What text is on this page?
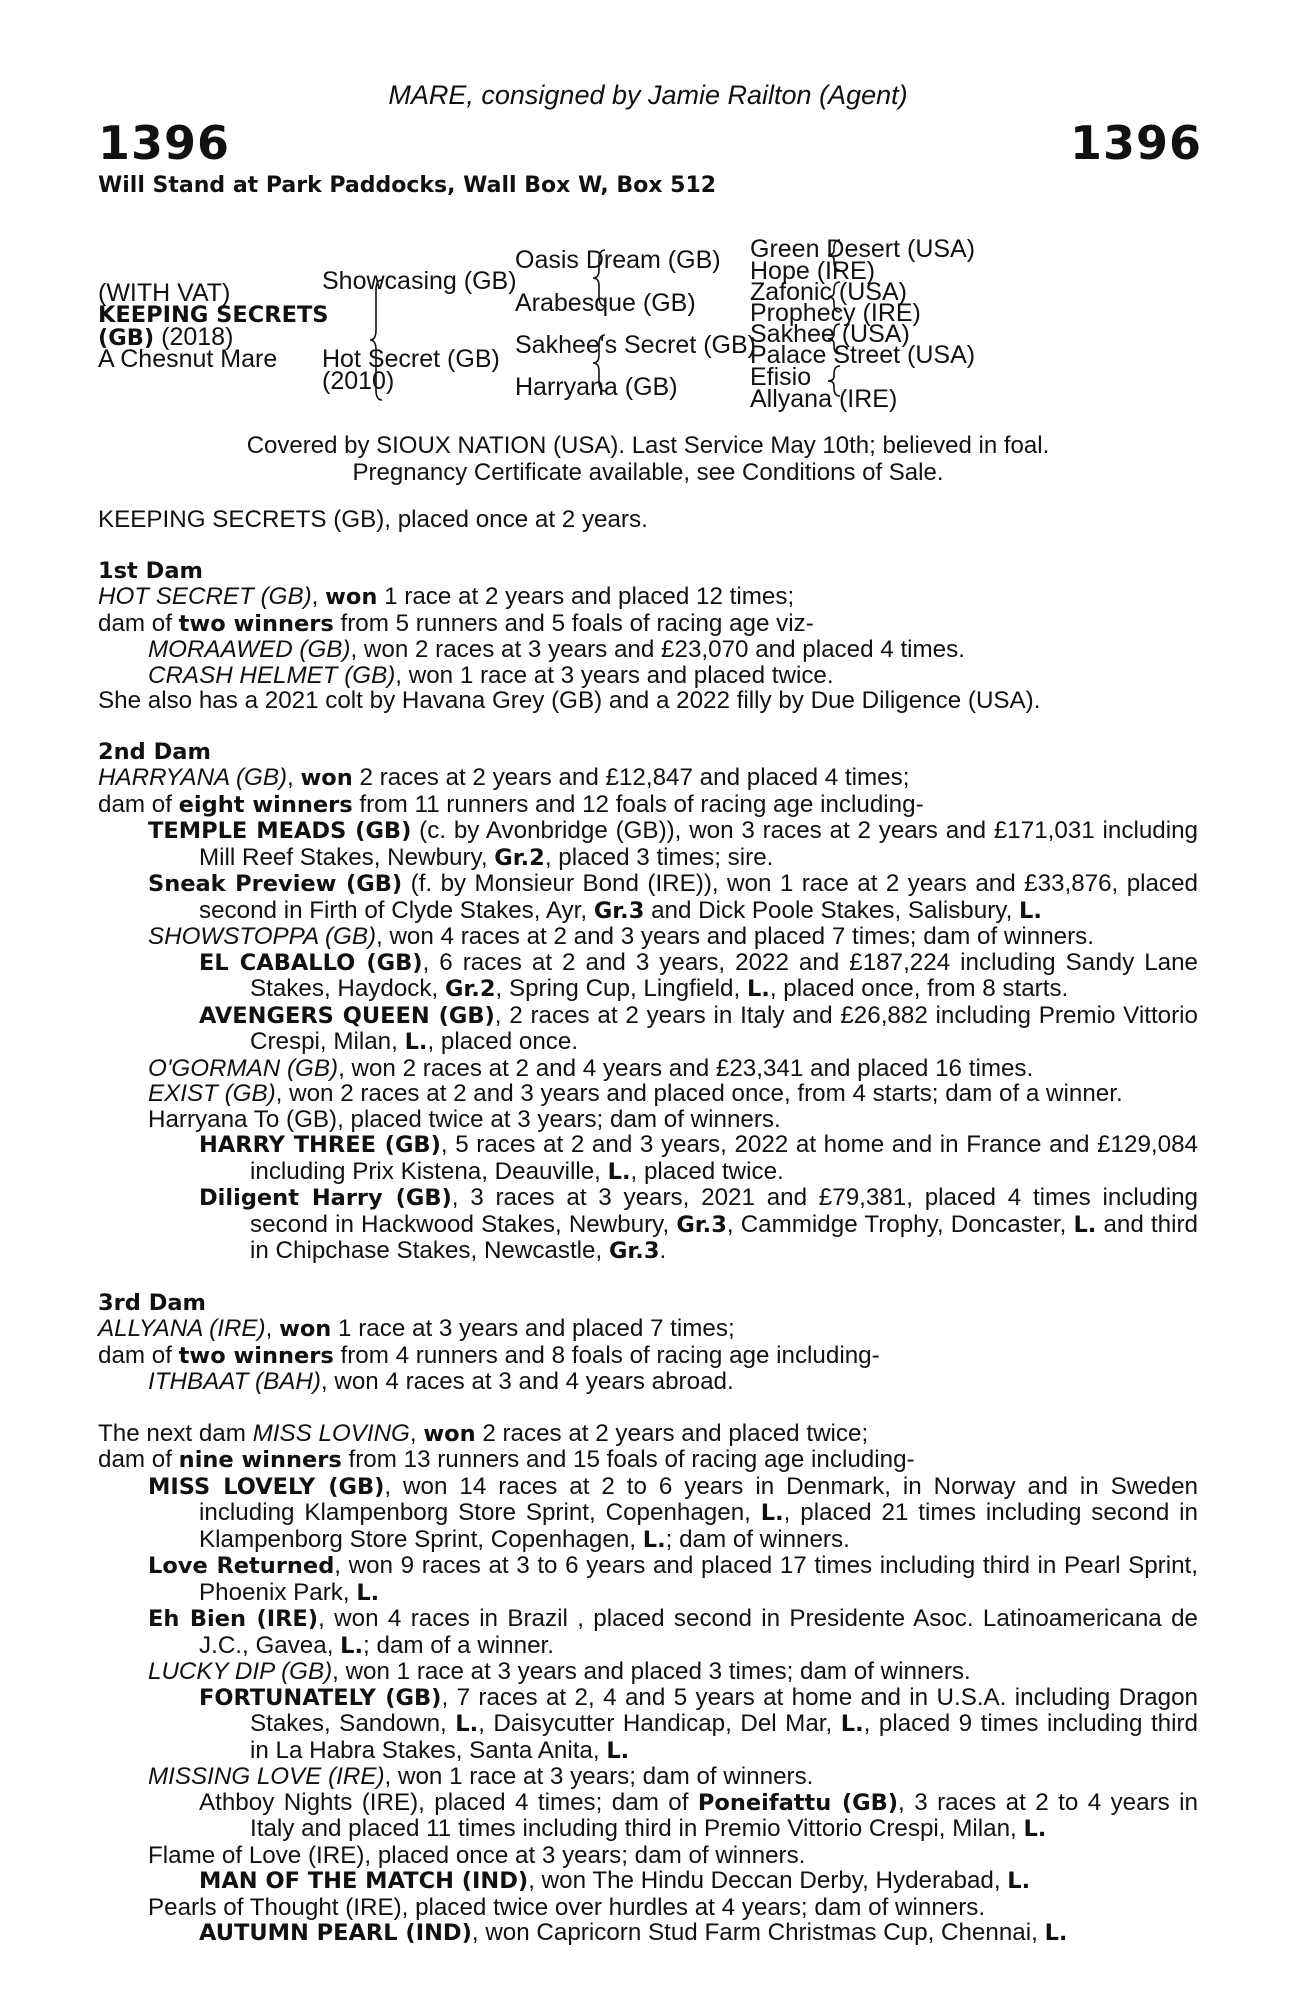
MARE, consigned by Jamie Railton (Agent)
1396	1396
Will Stand at Park Paddocks, Wall Box W, Box 512
(WITH VAT)
KEEPING SECRETS
(GB) (2018)
A Chesnut Mare
Showcasing (GB)
Hot Secret (GB)
(2010)
Oasis Dream (GB)
Arabesque (GB)
Sakhee's Secret (GB)
Harryana (GB)
Green Desert (USA)
Hope (IRE)
Zafonic (USA)
Prophecy (IRE)
Sakhee (USA)
Palace Street (USA)
Efisio
Allyana (IRE)
Covered by SIOUX NATION (USA). Last Service May 10th; believed in foal.
Pregnancy Certificate available, see Conditions of Sale.

KEEPING SECRETS (GB), placed once at 2 years.

1st Dam

HOT SECRET (GB), won 1 race at 2 years and placed 12 times;

dam of two winners from 5 runners and 5 foals of racing age viz-

MORAAWED (GB), won 2 races at 3 years and £23,070 and placed 4 times.

CRASH HELMET (GB), won 1 race at 3 years and placed twice.

She also has a 2021 colt by Havana Grey (GB) and a 2022 filly by Due Diligence (USA).

2nd Dam

HARRYANA (GB), won 2 races at 2 years and £12,847 and placed 4 times;

dam of eight winners from 11 runners and 12 foals of racing age including-

TEMPLE MEADS (GB) (c. by Avonbridge (GB)), won 3 races at 2 years and £171,031 including Mill Reef Stakes, Newbury, Gr.2, placed 3 times; sire.

Sneak Preview (GB) (f. by Monsieur Bond (IRE)), won 1 race at 2 years and £33,876, placed second in Firth of Clyde Stakes, Ayr, Gr.3 and Dick Poole Stakes, Salisbury, L.

SHOWSTOPPA (GB), won 4 races at 2 and 3 years and placed 7 times; dam of winners.

EL CABALLO (GB), 6 races at 2 and 3 years, 2022 and £187,224 including Sandy Lane Stakes, Haydock, Gr.2, Spring Cup, Lingfield, L., placed once, from 8 starts.

AVENGERS QUEEN (GB), 2 races at 2 years in Italy and £26,882 including Premio Vittorio Crespi, Milan, L., placed once.

O'GORMAN (GB), won 2 races at 2 and 4 years and £23,341 and placed 16 times.

EXIST (GB), won 2 races at 2 and 3 years and placed once, from 4 starts; dam of a winner.

Harryana To (GB), placed twice at 3 years; dam of winners.

HARRY THREE (GB), 5 races at 2 and 3 years, 2022 at home and in France and £129,084 including Prix Kistena, Deauville, L., placed twice.

Diligent Harry (GB), 3 races at 3 years, 2021 and £79,381, placed 4 times including second in Hackwood Stakes, Newbury, Gr.3, Cammidge Trophy, Doncaster, L. and third in Chipchase Stakes, Newcastle, Gr.3.

3rd Dam

ALLYANA (IRE), won 1 race at 3 years and placed 7 times;

dam of two winners from 4 runners and 8 foals of racing age including-

ITHBAAT (BAH), won 4 races at 3 and 4 years abroad.

The next dam MISS LOVING, won 2 races at 2 years and placed twice;

dam of nine winners from 13 runners and 15 foals of racing age including-

MISS LOVELY (GB), won 14 races at 2 to 6 years in Denmark, in Norway and in Sweden including Klampenborg Store Sprint, Copenhagen, L., placed 21 times including second in Klampenborg Store Sprint, Copenhagen, L.; dam of winners.

Love Returned, won 9 races at 3 to 6 years and placed 17 times including third in Pearl Sprint, Phoenix Park, L.

Eh Bien (IRE), won 4 races in Brazil , placed second in Presidente Asoc. Latinoamericana de J.C., Gavea, L.; dam of a winner.

LUCKY DIP (GB), won 1 race at 3 years and placed 3 times; dam of winners.

FORTUNATELY (GB), 7 races at 2, 4 and 5 years at home and in U.S.A. including Dragon Stakes, Sandown, L., Daisycutter Handicap, Del Mar, L., placed 9 times including third in La Habra Stakes, Santa Anita, L.

MISSING LOVE (IRE), won 1 race at 3 years; dam of winners.

Athboy Nights (IRE), placed 4 times; dam of Poneifattu (GB), 3 races at 2 to 4 years in Italy and placed 11 times including third in Premio Vittorio Crespi, Milan, L.

Flame of Love (IRE), placed once at 3 years; dam of winners.

MAN OF THE MATCH (IND), won The Hindu Deccan Derby, Hyderabad, L.

Pearls of Thought (IRE), placed twice over hurdles at 4 years; dam of winners.

AUTUMN PEARL (IND), won Capricorn Stud Farm Christmas Cup, Chennai, L.
